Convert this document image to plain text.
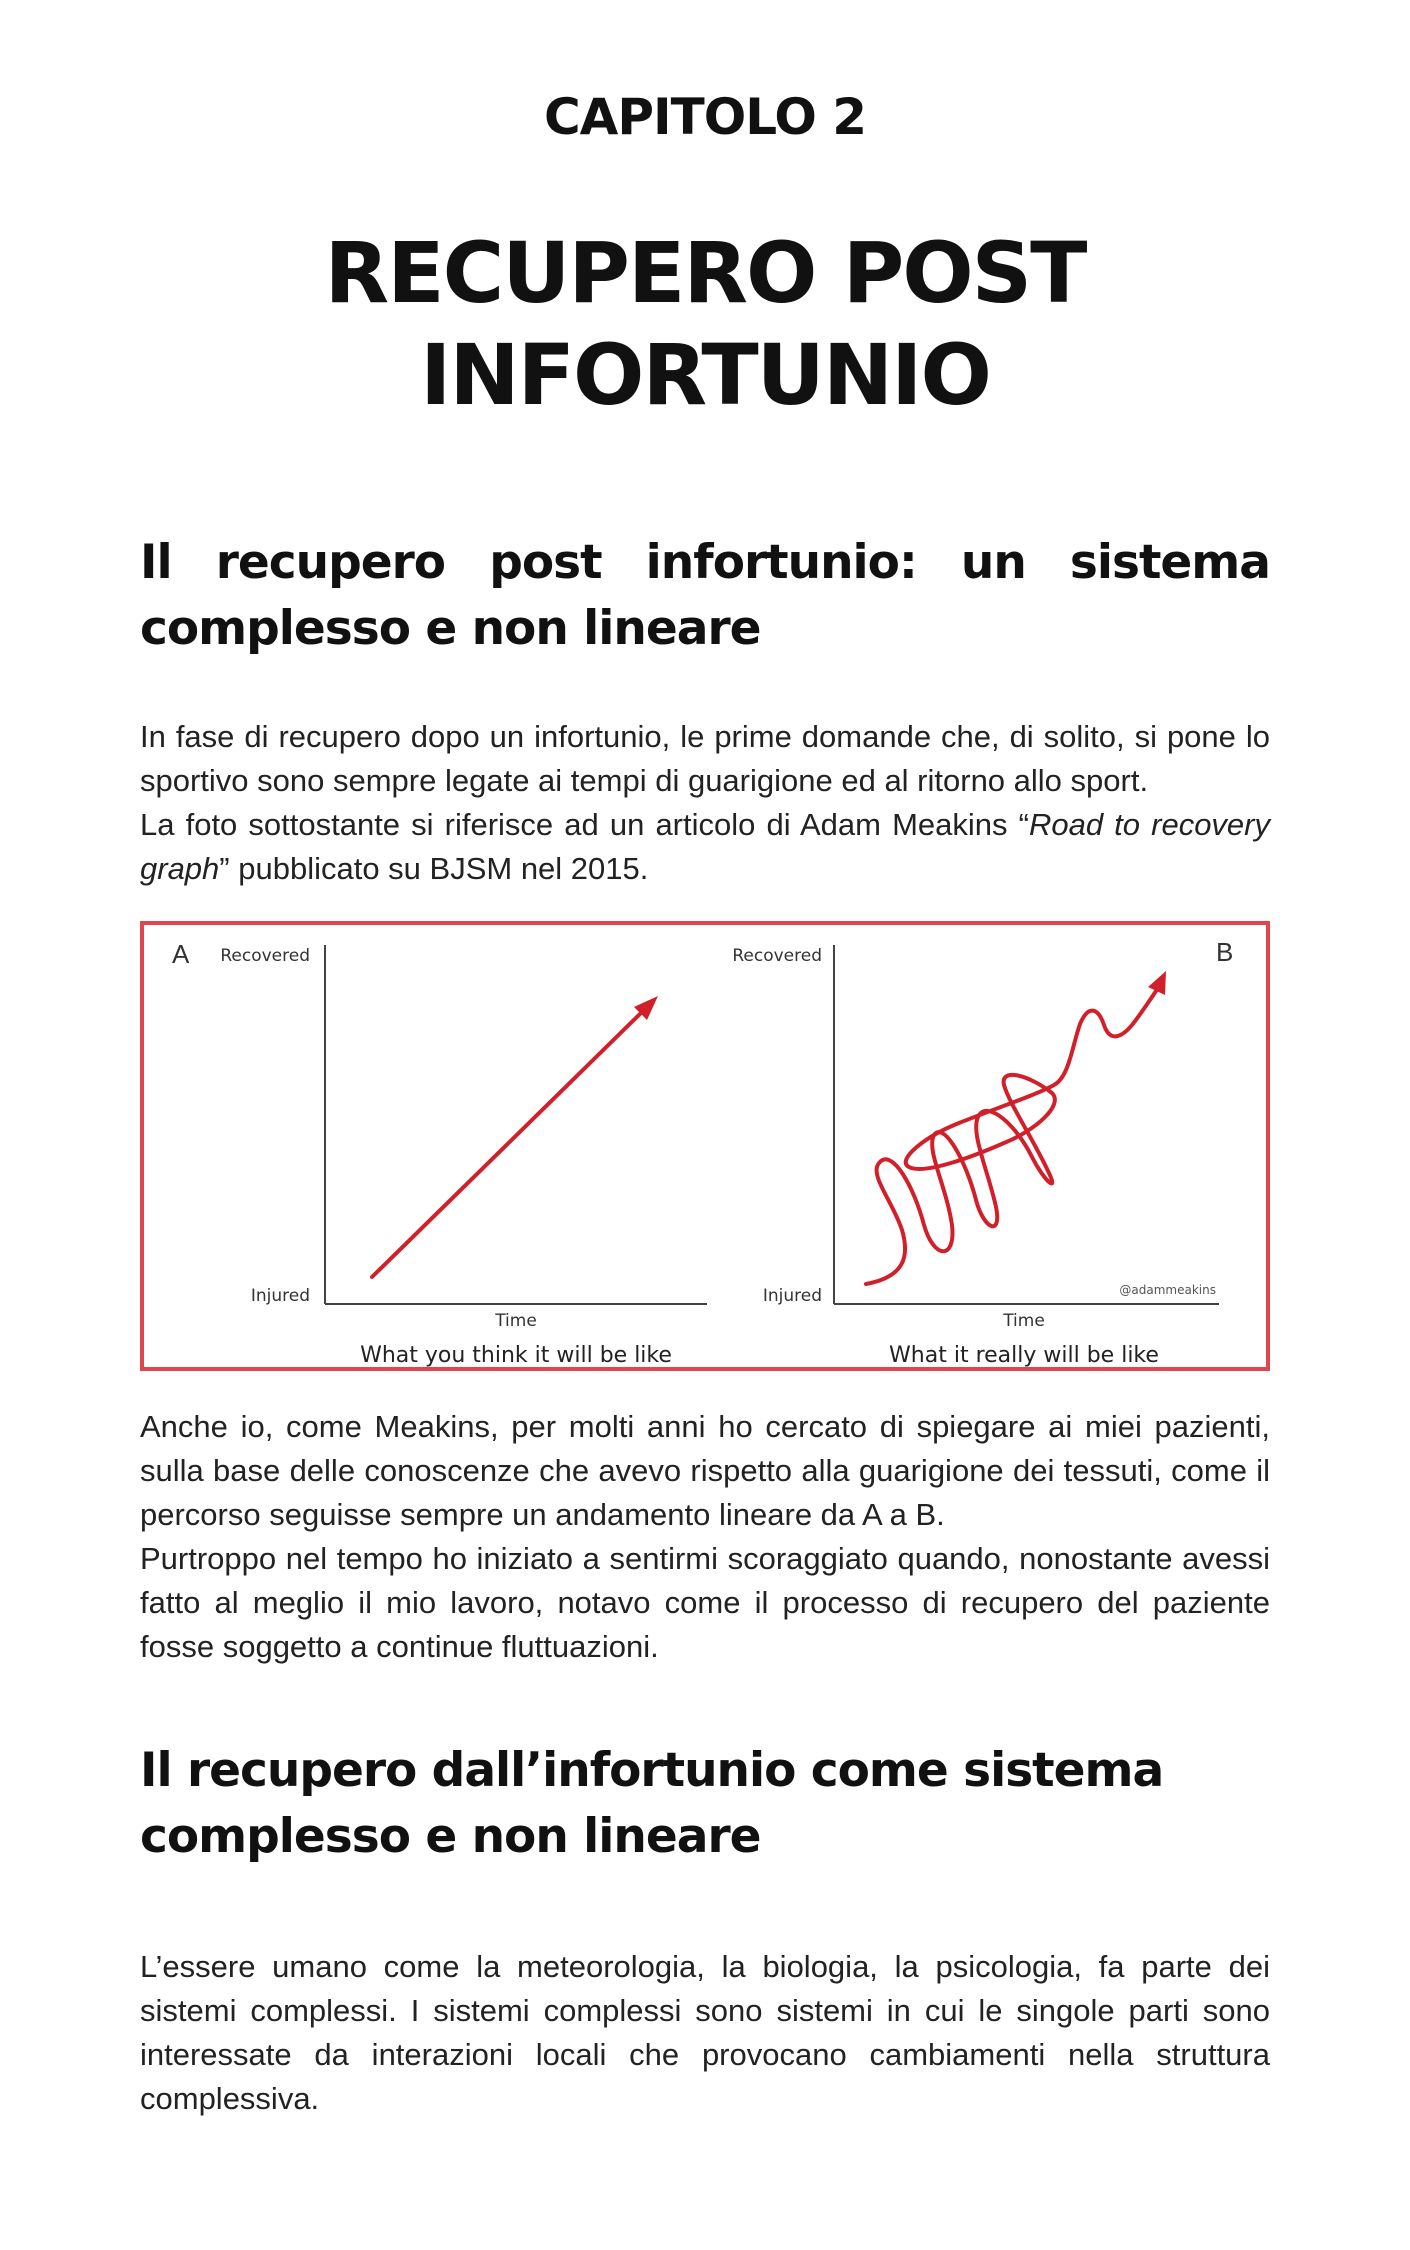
CAPITOLO 2
RECUPERO POST
INFORTUNIO
Il recupero post infortunio: un sistema
complesso e non lineare

In fase di recupero dopo un infortunio, le prime domande che, di solito, si pone lo sportivo sono sempre legate ai tempi di guarigione ed al ritorno allo sport.

La foto sottostante si riferisce ad un articolo di Adam Meakins “Road to recovery graph” pubblicato su BJSM nel 2015.

A Recovered
Injured
Time
What you think it will be like
B
Recovered
Injured
Time
What it really will be like
@adammeakins

Anche io, come Meakins, per molti anni ho cercato di spiegare ai miei pazienti, sulla base delle conoscenze che avevo rispetto alla guarigione dei tessuti, come il percorso seguisse sempre un andamento lineare da A a B.

Purtroppo nel tempo ho iniziato a sentirmi scoraggiato quando, nonostante avessi fatto al meglio il mio lavoro, notavo come il processo di recupero del paziente fosse soggetto a continue fluttuazioni.

Il recupero dall’infortunio come sistema
complesso e non lineare

L’essere umano come la meteorologia, la biologia, la psicologia, fa parte dei sistemi complessi. I sistemi complessi sono sistemi in cui le singole parti sono interessate da interazioni locali che provocano cambiamenti nella struttura complessiva.
